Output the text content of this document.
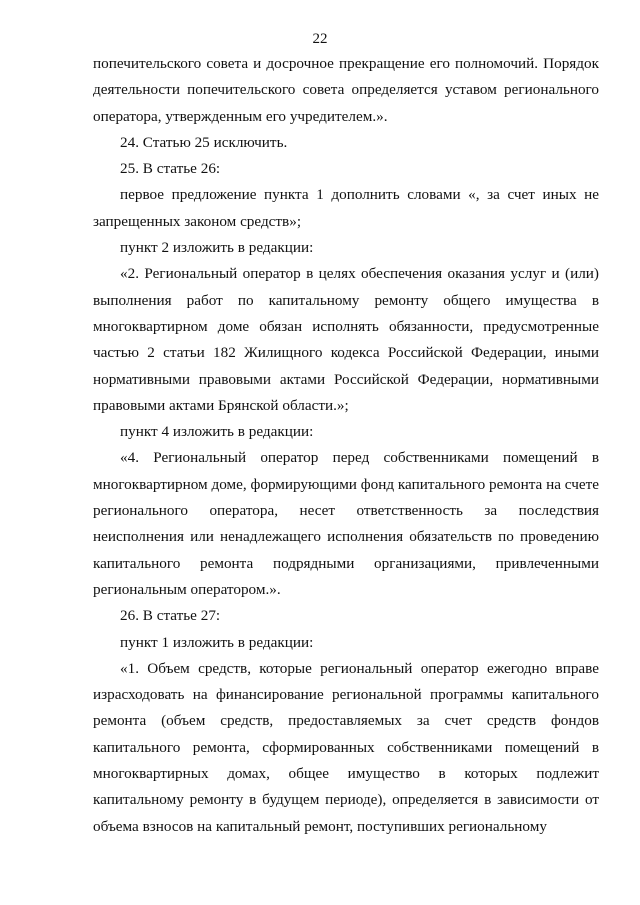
22

попечительского совета и досрочное прекращение его полномочий. Порядок деятельности попечительского совета определяется уставом регионального оператора, утвержденным его учредителем.».

24. Статью 25 исключить.

25. В статье 26:

первое предложение пункта 1 дополнить словами «, за счет иных не запрещенных законом средств»;

пункт 2 изложить в редакции:

«2. Региональный оператор в целях обеспечения оказания услуг и (или) выполнения работ по капитальному ремонту общего имущества в многоквартирном доме обязан исполнять обязанности, предусмотренные частью 2 статьи 182 Жилищного кодекса Российской Федерации, иными нормативными правовыми актами Российской Федерации, нормативными правовыми актами Брянской области.»;

пункт 4 изложить в редакции:

«4. Региональный оператор перед собственниками помещений в многоквартирном доме, формирующими фонд капитального ремонта на счете регионального оператора, несет ответственность за последствия неисполнения или ненадлежащего исполнения обязательств по проведению капитального ремонта подрядными организациями, привлеченными региональным оператором.».

26. В статье 27:

пункт 1 изложить в редакции:

«1. Объем средств, которые региональный оператор ежегодно вправе израсходовать на финансирование региональной программы капитального ремонта (объем средств, предоставляемых за счет средств фондов капитального ремонта, сформированных собственниками помещений в многоквартирных домах, общее имущество в которых подлежит капитальному ремонту в будущем периоде), определяется в зависимости от объема взносов на капитальный ремонт, поступивших региональному
